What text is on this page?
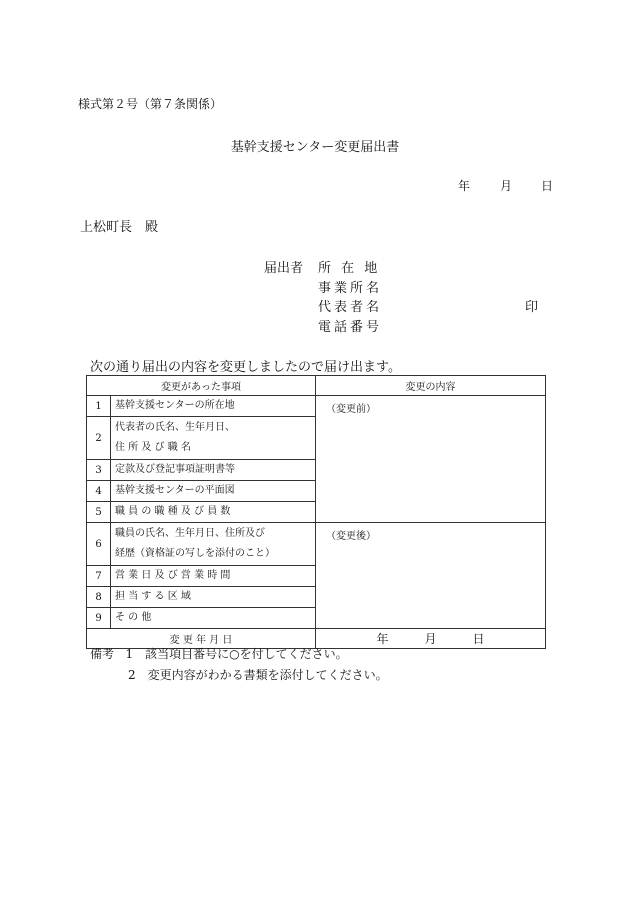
様式第２号（第７条関係）
基幹支援センター変更届出書
年 月 日
上松町長　殿
届出者 所 在 地
事業所名
代表者名
電話番号
印
次の通り届出の内容を変更しましたので届け出ます。
変更があった事項		変更の内容
1	基幹支援センターの所在地	（変更前）
2	代表者の氏名、生年月日、
住 所 及 び 職 名	

3	定款及び登記事項証明書等	

4	基幹支援センターの平面図	

5	職 員 の 職 種 及 び 員 数	

6	職員の氏名、生年月日、住所及び
経歴（資格証の写しを添付のこと）	（変更後）
7	営 業 日 及 び 営 業 時 間	

8	担 当 す る 区 域	

9	そ の 他	

変 更 年 月 日		年 月 日
備考 1　該当項目番号に○を付してください。
2　変更内容がわかる書類を添付してください。
